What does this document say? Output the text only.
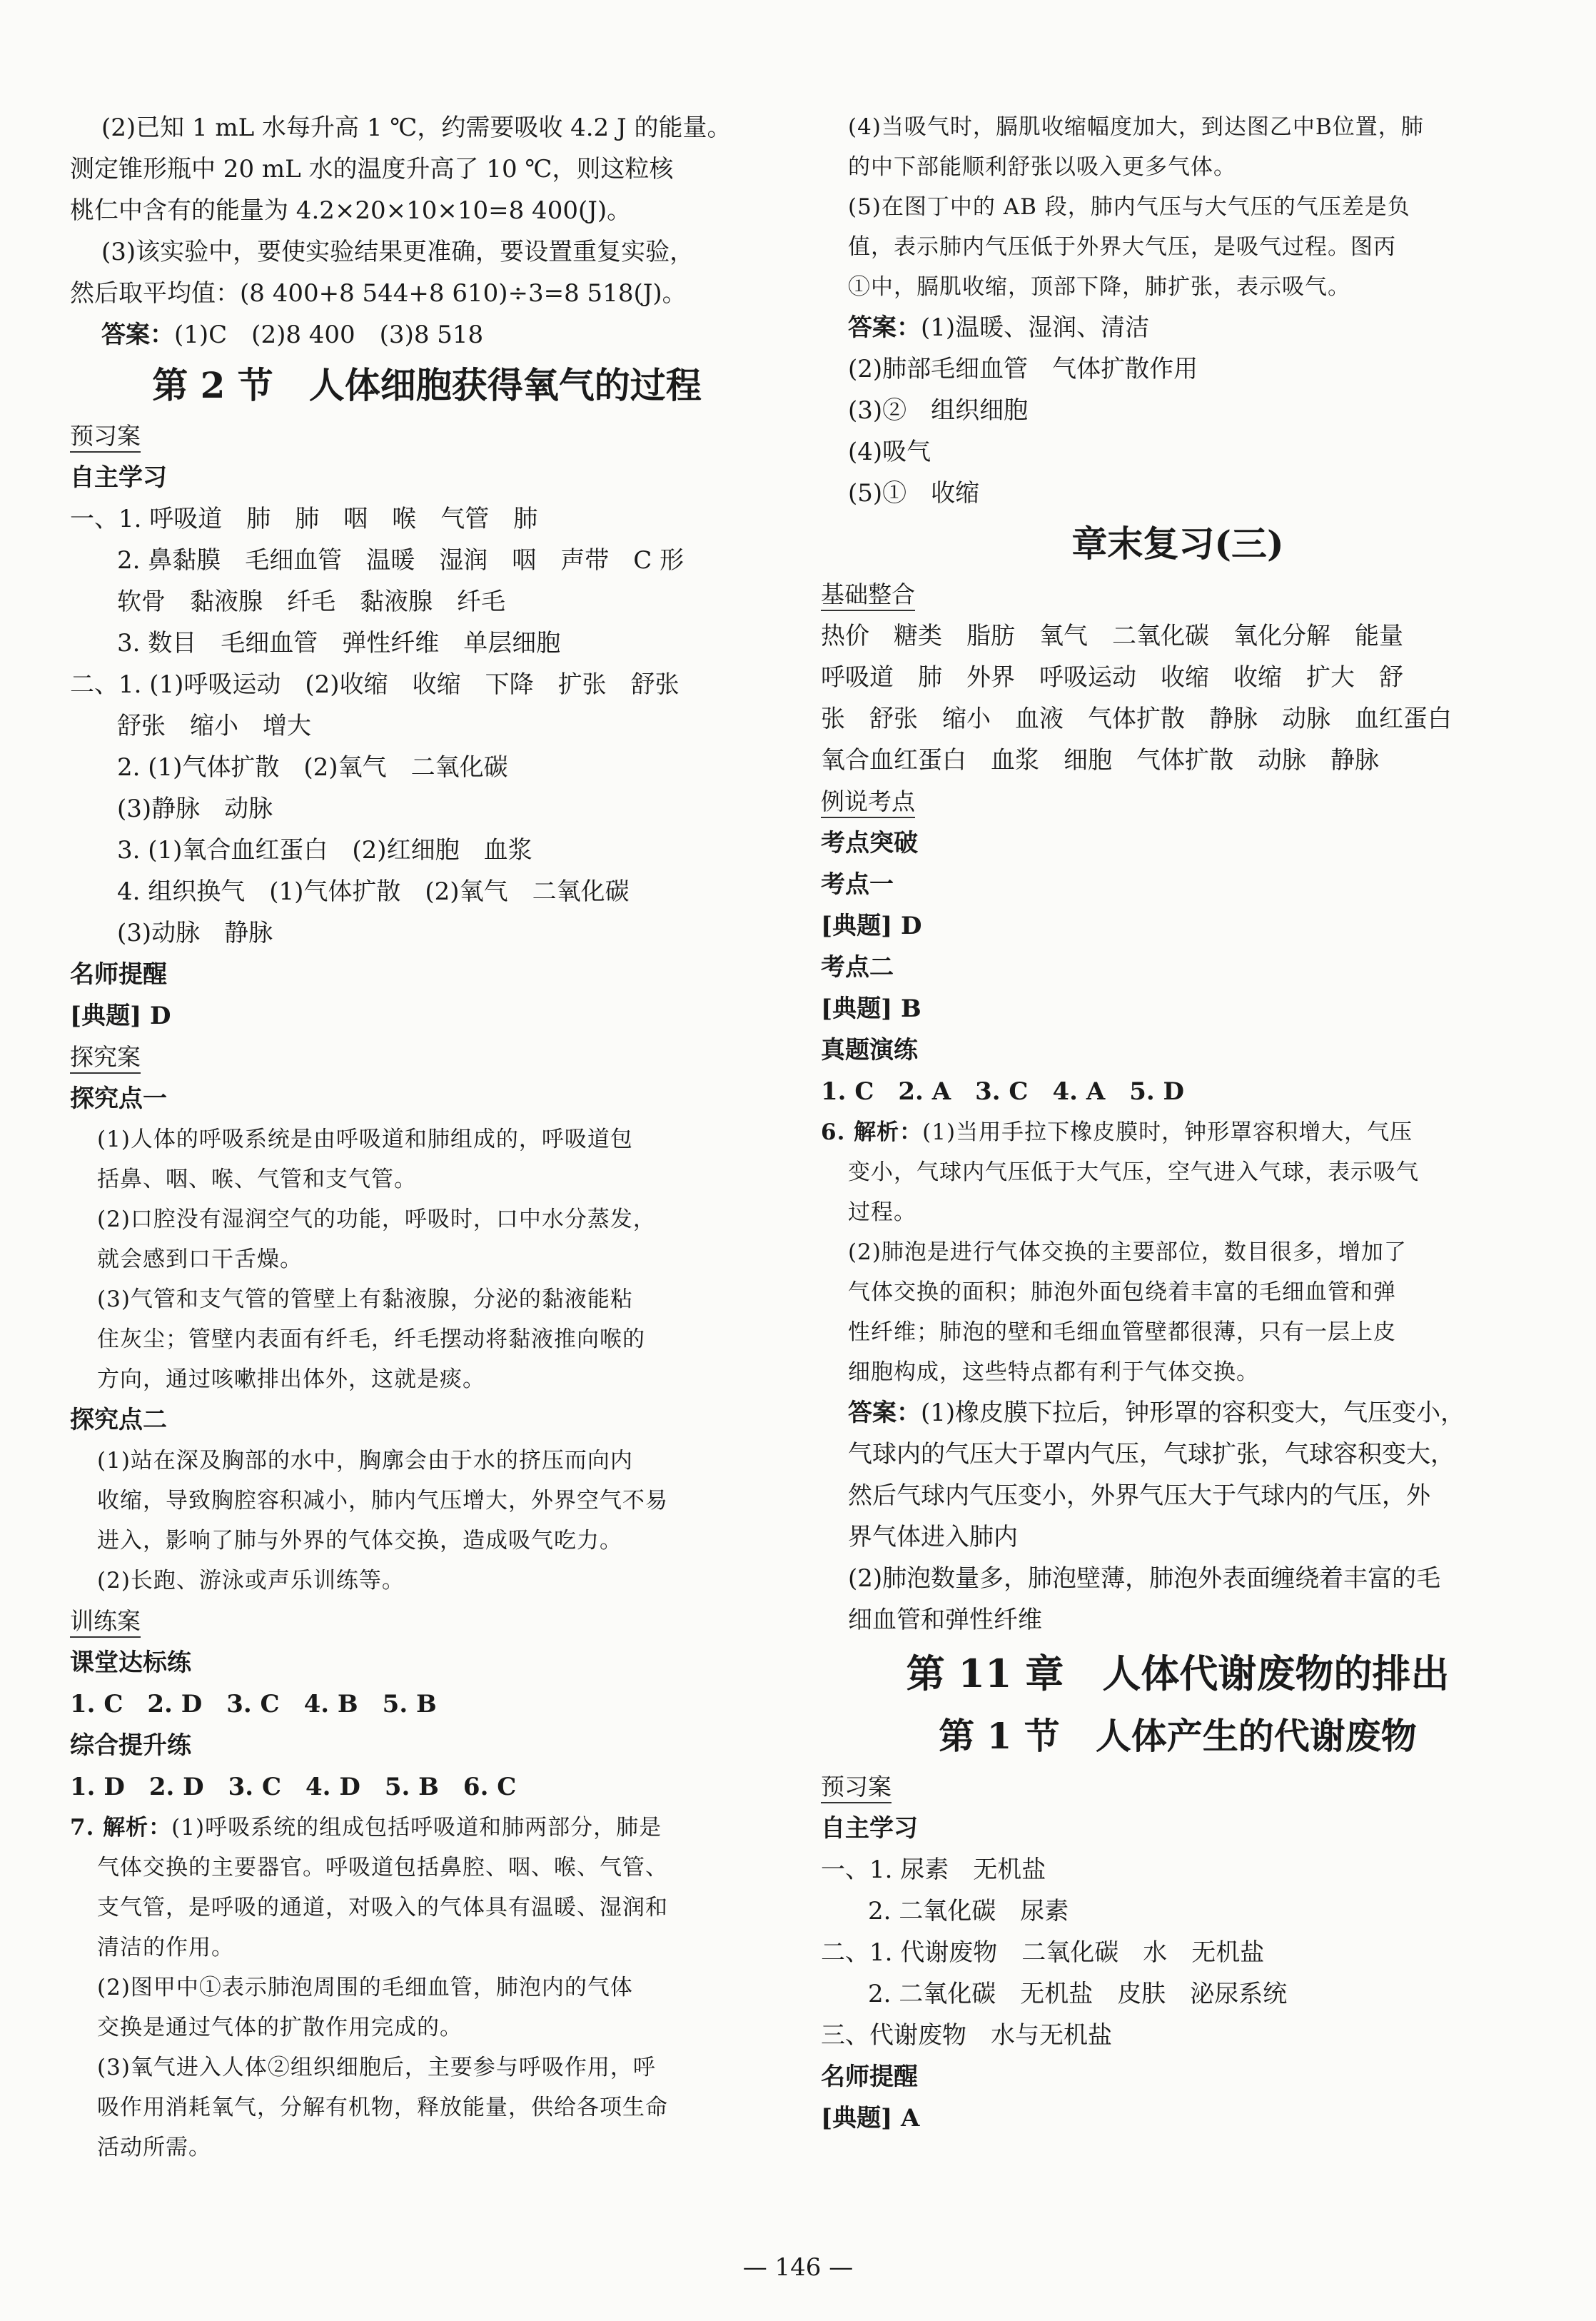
(2)已知 1 mL 水每升高 1 ℃，约需要吸收 4.2 J 的能量。
测定锥形瓶中 20 mL 水的温度升高了 10 ℃，则这粒核
桃仁中含有的能量为 4.2×20×10×10=8 400(J)。
(3)该实验中，要使实验结果更准确，要设置重复实验，
然后取平均值：(8 400+8 544+8 610)÷3=8 518(J)。
答案：(1)C　(2)8 400　(3)8 518
第 2 节　人体细胞获得氧气的过程
预习案
自主学习
一、1. 呼吸道　肺　肺　咽　喉　气管　肺
2. 鼻黏膜　毛细血管　温暖　湿润　咽　声带　C 形
软骨　黏液腺　纤毛　黏液腺　纤毛
3. 数目　毛细血管　弹性纤维　单层细胞
二、1. (1)呼吸运动　(2)收缩　收缩　下降　扩张　舒张
舒张　缩小　增大
2. (1)气体扩散　(2)氧气　二氧化碳
(3)静脉　动脉
3. (1)氧合血红蛋白　(2)红细胞　血浆
4. 组织换气　(1)气体扩散　(2)氧气　二氧化碳
(3)动脉　静脉
名师提醒
[典题] D
探究案
探究点一
(1)人体的呼吸系统是由呼吸道和肺组成的，呼吸道包
括鼻、咽、喉、气管和支气管。
(2)口腔没有湿润空气的功能，呼吸时，口中水分蒸发，
就会感到口干舌燥。
(3)气管和支气管的管壁上有黏液腺，分泌的黏液能粘
住灰尘；管壁内表面有纤毛，纤毛摆动将黏液推向喉的
方向，通过咳嗽排出体外，这就是痰。
探究点二
(1)站在深及胸部的水中，胸廓会由于水的挤压而向内
收缩，导致胸腔容积减小，肺内气压增大，外界空气不易
进入，影响了肺与外界的气体交换，造成吸气吃力。
(2)长跑、游泳或声乐训练等。
训练案
课堂达标练
1. C　2. D　3. C　4. B　5. B
综合提升练
1. D　2. D　3. C　4. D　5. B　6. C
7. 解析：(1)呼吸系统的组成包括呼吸道和肺两部分，肺是
气体交换的主要器官。呼吸道包括鼻腔、咽、喉、气管、
支气管，是呼吸的通道，对吸入的气体具有温暖、湿润和
清洁的作用。
(2)图甲中①表示肺泡周围的毛细血管，肺泡内的气体
交换是通过气体的扩散作用完成的。
(3)氧气进入人体②组织细胞后，主要参与呼吸作用，呼
吸作用消耗氧气，分解有机物，释放能量，供给各项生命
活动所需。
(4)当吸气时，膈肌收缩幅度加大，到达图乙中B位置，肺
的中下部能顺利舒张以吸入更多气体。
(5)在图丁中的 AB 段，肺内气压与大气压的气压差是负
值，表示肺内气压低于外界大气压，是吸气过程。图丙
①中，膈肌收缩，顶部下降，肺扩张，表示吸气。
答案：(1)温暖、湿润、清洁
(2)肺部毛细血管　气体扩散作用
(3)②　组织细胞
(4)吸气
(5)①　收缩
章末复习(三)
基础整合
热价　糖类　脂肪　氧气　二氧化碳　氧化分解　能量
呼吸道　肺　外界　呼吸运动　收缩　收缩　扩大　舒
张　舒张　缩小　血液　气体扩散　静脉　动脉　血红蛋白
氧合血红蛋白　血浆　细胞　气体扩散　动脉　静脉
例说考点
考点突破
考点一
[典题] D
考点二
[典题] B
真题演练
1. C　2. A　3. C　4. A　5. D
6. 解析：(1)当用手拉下橡皮膜时，钟形罩容积增大，气压
变小，气球内气压低于大气压，空气进入气球，表示吸气
过程。
(2)肺泡是进行气体交换的主要部位，数目很多，增加了
气体交换的面积；肺泡外面包绕着丰富的毛细血管和弹
性纤维；肺泡的壁和毛细血管壁都很薄，只有一层上皮
细胞构成，这些特点都有利于气体交换。
答案：(1)橡皮膜下拉后，钟形罩的容积变大，气压变小，
气球内的气压大于罩内气压，气球扩张，气球容积变大，
然后气球内气压变小，外界气压大于气球内的气压，外
界气体进入肺内
(2)肺泡数量多，肺泡壁薄，肺泡外表面缠绕着丰富的毛
细血管和弹性纤维
第 11 章　人体代谢废物的排出
第 1 节　人体产生的代谢废物
预习案
自主学习
一、1. 尿素　无机盐
2. 二氧化碳　尿素
二、1. 代谢废物　二氧化碳　水　无机盐
2. 二氧化碳　无机盐　皮肤　泌尿系统
三、代谢废物　水与无机盐
名师提醒
[典题] A
— 146 —
